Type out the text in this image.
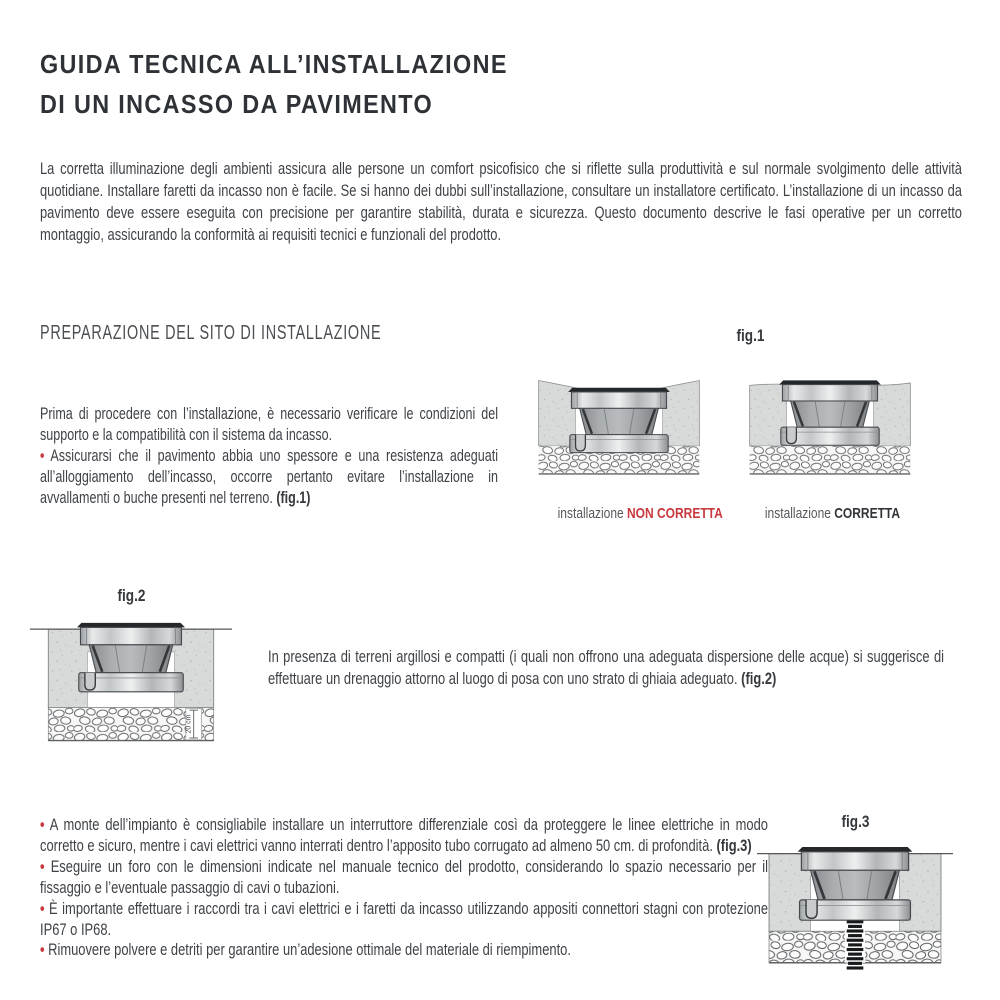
GUIDA TECNICA ALL’INSTALLAZIONE
DI UN INCASSO DA PAVIMENTO

La corretta illuminazione degli ambienti assicura alle persone un comfort psicofisico che si riflette sulla produttività e sul normale svolgimento delle attività quotidiane. Installare faretti da incasso non è facile. Se si hanno dei dubbi sull’installazione, consultare un installatore certificato. L’installazione di un incasso da pavimento deve essere eseguita con precisione per garantire stabilità, durata e sicurezza. Questo documento descrive le fasi operative per un corretto montaggio, assicurando la conformità ai requisiti tecnici e funzionali del prodotto.

PREPARAZIONE DEL SITO DI INSTALLAZIONE	fig.1
Prima di procedere con l’installazione, è necessario verificare le condizioni del supporto e la compatibilità con il sistema da incasso.
• Assicurarsi che il pavimento abbia uno spessore e una resistenza adeguati all’alloggiamento dell’incasso, occorre pertanto evitare l’installazione in avvallamenti o buche presenti nel terreno. (fig.1)
installazione NON CORRETTA	installazione CORRETTA
fig.2
20 cm
In presenza di terreni argillosi e compatti (i quali non offrono una adeguata dispersione delle acque) si suggerisce di effettuare un drenaggio attorno al luogo di posa con uno strato di ghiaia adeguato. (fig.2)
• A monte dell’impianto è consigliabile installare un interruttore differenziale così da proteggere le linee elettriche in modo corretto e sicuro, mentre i cavi elettrici vanno interrati dentro l’apposito tubo corrugato ad almeno 50 cm. di profondità. (fig.3)
• Eseguire un foro con le dimensioni indicate nel manuale tecnico del prodotto, considerando lo spazio necessario per il fissaggio e l’eventuale passaggio di cavi o tubazioni.
• È importante effettuare i raccordi tra i cavi elettrici e i faretti da incasso utilizzando appositi connettori stagni con protezione IP67 o IP68.
• Rimuovere polvere e detriti per garantire un’adesione ottimale del materiale di riempimento.
fig.3
